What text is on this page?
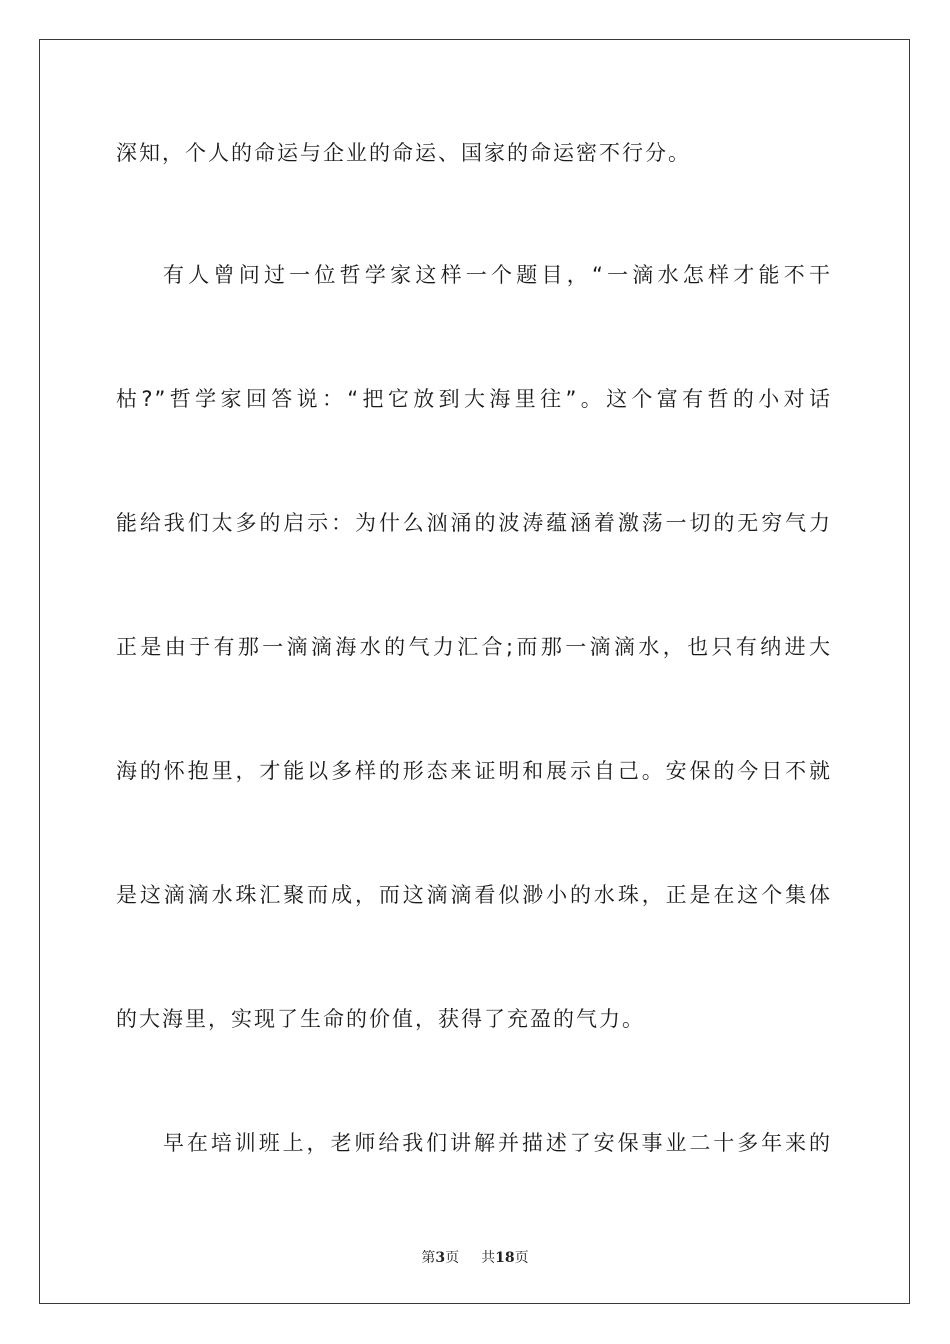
深知，个人的命运与企业的命运、国家的命运密不行分。
有人曾问过一位哲学家这样一个题目，“一滴水怎样才能不干
枯?”哲学家回答说：“把它放到大海里往”。这个富有哲的小对话
能给我们太多的启示：为什么汹涌的波涛蕴涵着激荡一切的无穷气力
正是由于有那一滴滴海水的气力汇合;而那一滴滴水，也只有纳进大
海的怀抱里，才能以多样的形态来证明和展示自己。安保的今日不就
是这滴滴水珠汇聚而成，而这滴滴看似渺小的水珠，正是在这个集体
的大海里，实现了生命的价值，获得了充盈的气力。
早在培训班上，老师给我们讲解并描述了安保事业二十多年来的
第3页 共18页
